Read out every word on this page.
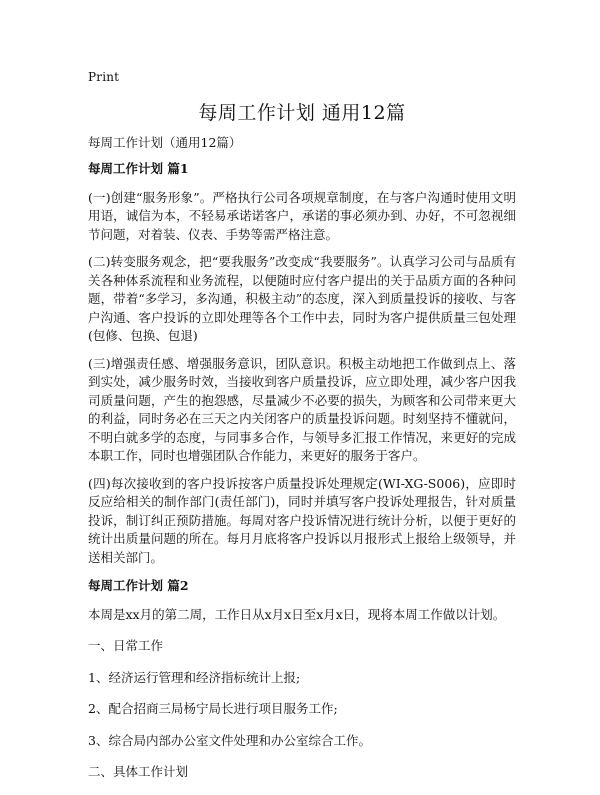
Print
每周工作计划 通用12篇
每周工作计划（通用12篇）
每周工作计划 篇1

(一)创建“服务形象”。严格执行公司各项规章制度，在与客户沟通时使用文明用语，诚信为本，不轻易承诺诺客户，承诺的事必须办到、办好，不可忽视细节问题，对着装、仪表、手势等需严格注意。

(二)转变服务观念，把“要我服务”改变成“我要服务”。认真学习公司与品质有关各种体系流程和业务流程，以便随时应付客户提出的关于品质方面的各种问题，带着“多学习，多沟通，积极主动”的态度，深入到质量投诉的接收、与客户沟通、客户投诉的立即处理等各个工作中去，同时为客户提供质量三包处理(包修、包换、包退)

(三)增强责任感、增强服务意识，团队意识。积极主动地把工作做到点上、落到实处，减少服务时效，当接收到客户质量投诉，应立即处理，减少客户因我司质量问题，产生的抱怨感，尽量减少不必要的损失，为顾客和公司带来更大的利益，同时务必在三天之内关闭客户的质量投诉问题。时刻坚持不懂就问，不明白就多学的态度，与同事多合作，与领导多汇报工作情况，来更好的完成本职工作，同时也增强团队合作能力，来更好的服务于客户。

(四)每次接收到的客户投诉按客户质量投诉处理规定(WI-XG-S006)，应即时反应给相关的制作部门(责任部门)，同时并填写客户投诉处理报告，针对质量投诉，制订纠正预防措施。每周对客户投诉情况进行统计分析，以便于更好的统计出质量问题的所在。每月月底将客户投诉以月报形式上报给上级领导，并送相关部门。

每周工作计划 篇2

本周是xx月的第二周，工作日从x月x日至x月x日，现将本周工作做以计划。

一、日常工作

1、经济运行管理和经济指标统计上报;

2、配合招商三局杨宁局长进行项目服务工作;

3、综合局内部办公室文件处理和办公室综合工作。

二、具体工作计划
